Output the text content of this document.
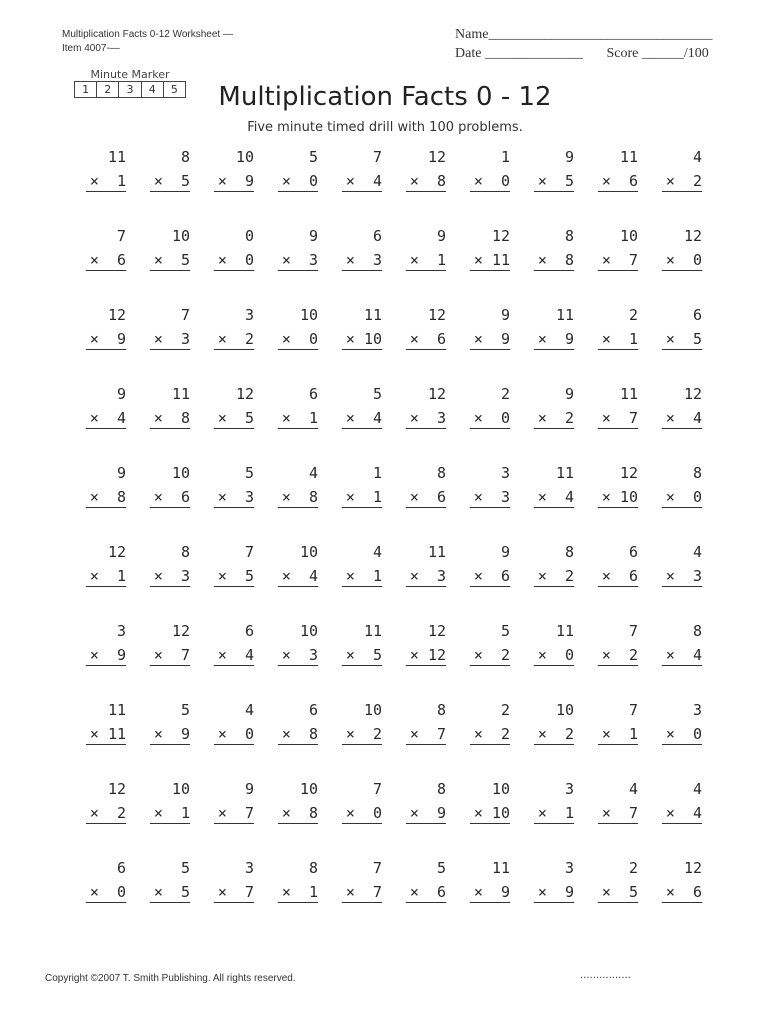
Multiplication Facts 0-12 Worksheet —
Item 4007-—
Name________________________________
Date ______________ Score ______/100
Minute Marker
1	2	3	4	5	Multiplication Facts 0 - 12
Five minute timed drill with 100 problems.
11
× 1
8
× 5
10
× 9
5
× 0
7
× 4
12
× 8
1
× 0
9
× 5
11
× 6
4
× 2
7
× 6
10
× 5
0
× 0
9
× 3
6
× 3
9
× 1
12
× 11
8
× 8
10
× 7
12
× 0
12
× 9
7
× 3
3
× 2
10
× 0
11
× 10
12
× 6
9
× 9
11
× 9
2
× 1
6
× 5
9
× 4
11
× 8
12
× 5
6
× 1
5
× 4
12
× 3
2
× 0
9
× 2
11
× 7
12
× 4
9
× 8
10
× 6
5
× 3
4
× 8
1
× 1
8
× 6
3
× 3
11
× 4
12
× 10
8
× 0
12
× 1
8
× 3
7
× 5
10
× 4
4
× 1
11
× 3
9
× 6
8
× 2
6
× 6
4
× 3
3
× 9
12
× 7
6
× 4
10
× 3
11
× 5
12
× 12
5
× 2
11
× 0
7
× 2
8
× 4
11
× 11
5
× 9
4
× 0
6
× 8
10
× 2
8
× 7
2
× 2
10
× 2
7
× 1
3
× 0
12
× 2
10
× 1
9
× 7
10
× 8
7
× 0
8
× 9
10
× 10
3
× 1
4
× 7
4
× 4
6
× 0
5
× 5
3
× 7
8
× 1
7
× 7
5
× 6
11
× 9
3
× 9
2
× 5
12
× 6
Copyright ©2007 T. Smith Publishing. All rights reserved.	................
